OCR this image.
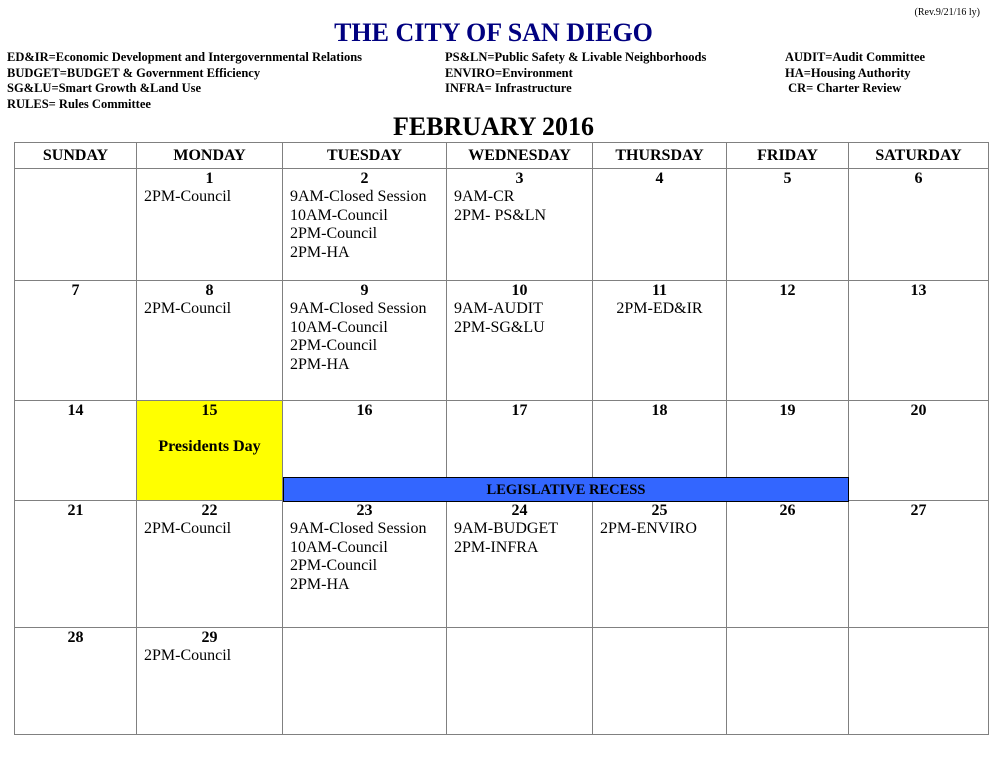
(Rev.9/21/16 ly)
THE CITY OF SAN DIEGO
ED&IR=Economic Development and Intergovernmental Relations
BUDGET=BUDGET & Government Efficiency
SG&LU=Smart Growth &Land Use
RULES= Rules Committee
PS&LN=Public Safety & Livable Neighborhoods
ENVIRO=Environment
INFRA= Infrastructure
AUDIT=Audit Committee
HA=Housing Authority
CR= Charter Review
FEBRUARY 2016
SUNDAY	MONDAY	TUESDAY	WEDNESDAY	THURSDAY	FRIDAY	SATURDAY

	1
2PM-Council	2
9AM-Closed Session
10AM-Council
2PM-Council
2PM-HA	3
9AM-CR
2PM- PS&LN	4	5	6

7	8
2PM-Council	9
9AM-Closed Session
10AM-Council
2PM-Council
2PM-HA	10
9AM-AUDIT
2PM-SG&LU	11
2PM-ED&IR	12	13

14	15
Presidents Day	16	17	18	19	20

21	22
2PM-Council	23
9AM-Closed Session
10AM-Council
2PM-Council
2PM-HA	24
9AM-BUDGET
2PM-INFRA	25
2PM-ENVIRO	26	27

28	29
2PM-Council					

LEGISLATIVE RECESS
